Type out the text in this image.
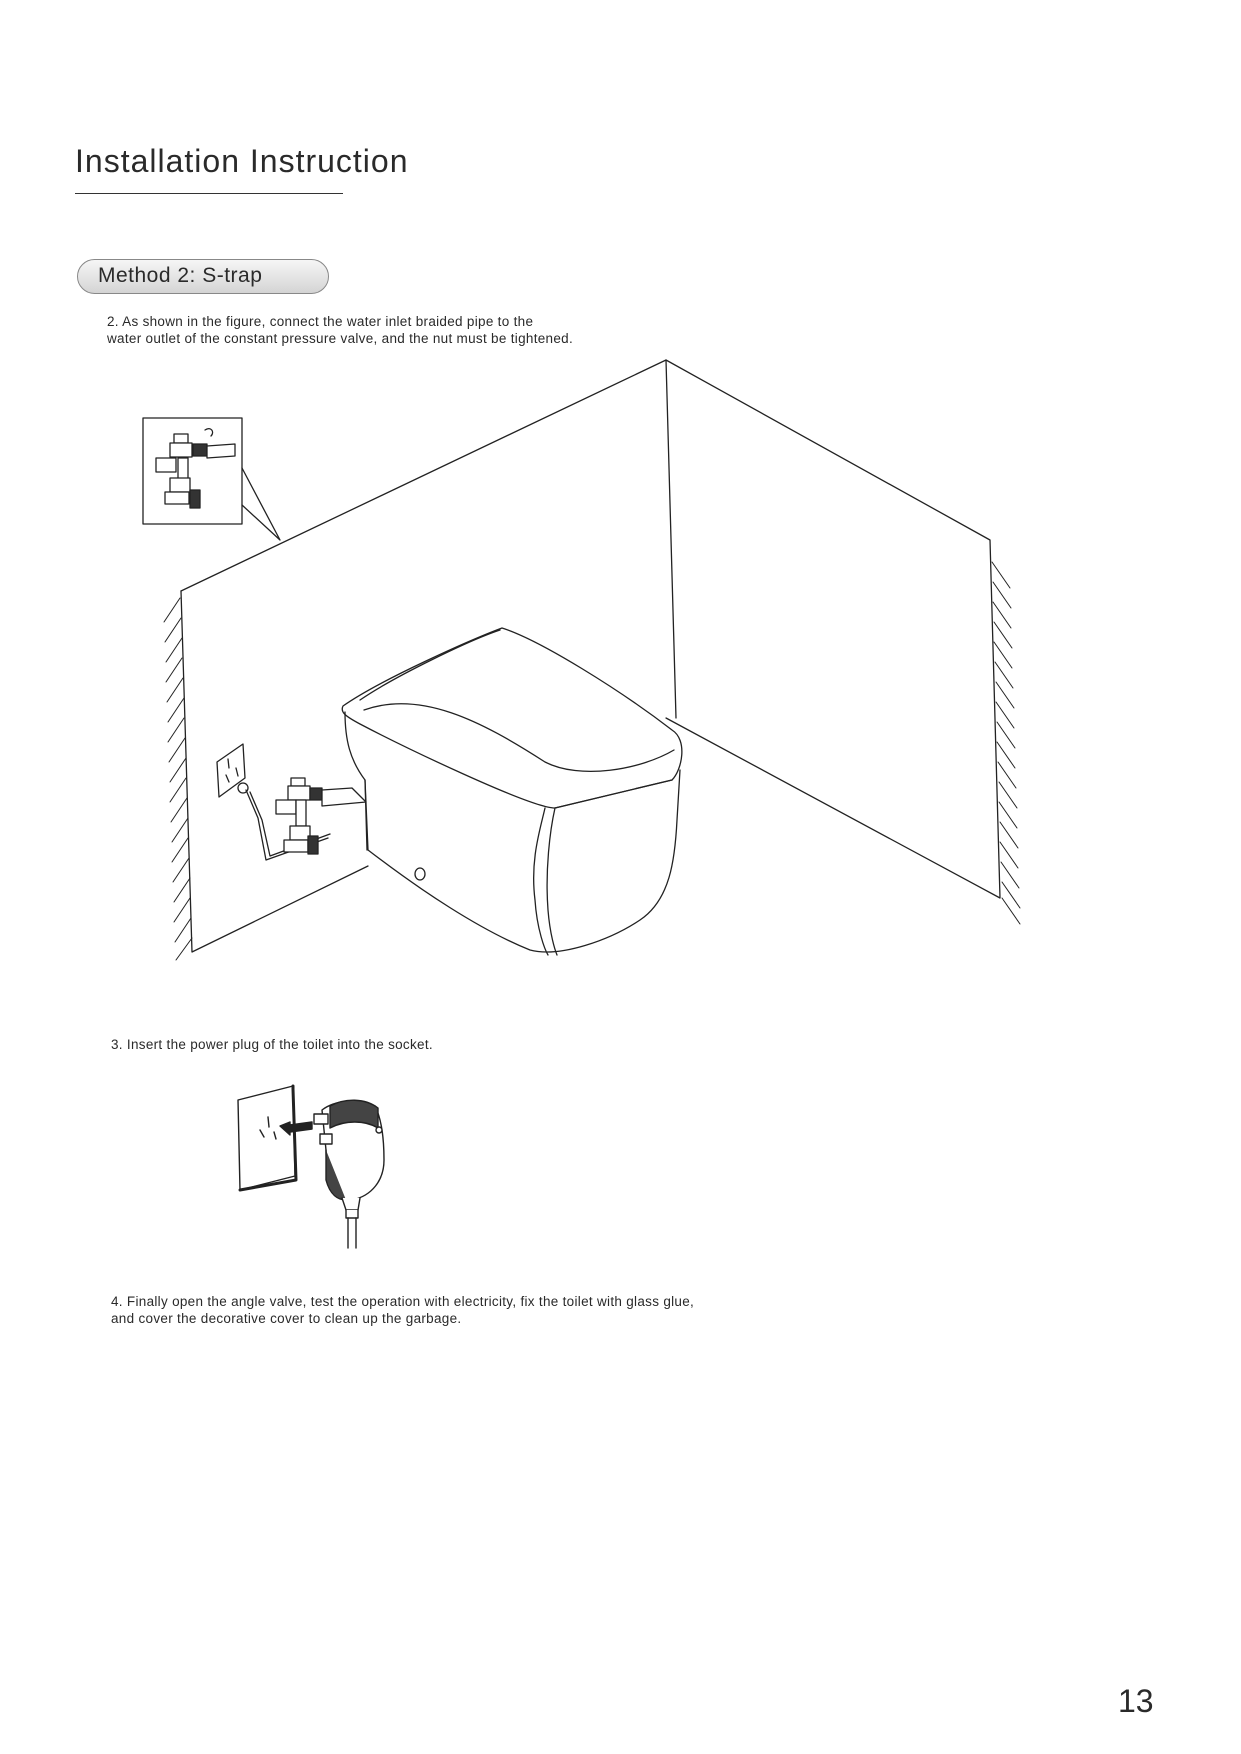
Installation Instruction
Method 2: S-trap

2. As shown in the figure, connect the water inlet braided pipe to the
water outlet of the constant pressure valve, and the nut must be tightened.

3. Insert the power plug of the toilet into the socket.

4. Finally open the angle valve, test the operation with electricity, fix the toilet with glass glue,
and cover the decorative cover to clean up the garbage.

13
